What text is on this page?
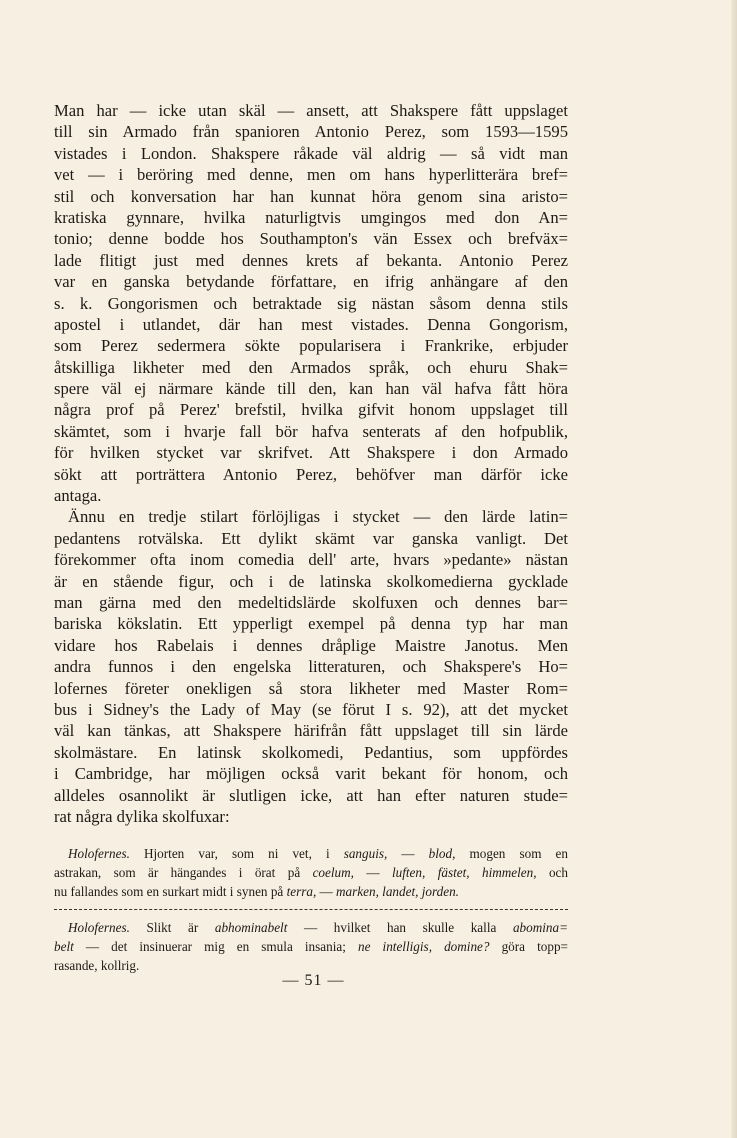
Man har — icke utan skäl — ansett, att Shakspere fått uppslaget
till sin Armado från spanioren Antonio Perez, som 1593—1595
vistades i London. Shakspere råkade väl aldrig — så vidt man
vet — i beröring med denne, men om hans hyperlitterära bref=
stil och konversation har han kunnat höra genom sina aristo=
kratiska gynnare, hvilka naturligtvis umgingos med don An=
tonio; denne bodde hos Southampton's vän Essex och brefväx=
lade flitigt just med dennes krets af bekanta. Antonio Perez
var en ganska betydande författare, en ifrig anhängare af den
s. k. Gongorismen och betraktade sig nästan såsom denna stils
apostel i utlandet, där han mest vistades. Denna Gongorism,
som Perez sedermera sökte popularisera i Frankrike, erbjuder
åtskilliga likheter med den Armados språk, och ehuru Shak=
spere väl ej närmare kände till den, kan han väl hafva fått höra
några prof på Perez' brefstil, hvilka gifvit honom uppslaget till
skämtet, som i hvarje fall bör hafva senterats af den hofpublik,
för hvilken stycket var skrifvet. Att Shakspere i don Armado
sökt att porträttera Antonio Perez, behöfver man därför icke
antaga.
Ännu en tredje stilart förlöjligas i stycket — den lärde latin=
pedantens rotvälska. Ett dylikt skämt var ganska vanligt. Det
förekommer ofta inom comedia dell' arte, hvars »pedante» nästan
är en stående figur, och i de latinska skolkomedierna gycklade
man gärna med den medeltidslärde skolfuxen och dennes bar=
bariska kökslatin. Ett ypperligt exempel på denna typ har man
vidare hos Rabelais i dennes dråplige Maistre Janotus. Men
andra funnos i den engelska litteraturen, och Shakspere's Ho=
lofernes företer onekligen så stora likheter med Master Rom=
bus i Sidney's the Lady of May (se förut I s. 92), att det mycket
väl kan tänkas, att Shakspere härifrån fått uppslaget till sin lärde
skolmästare. En latinsk skolkomedi, Pedantius, som uppfördes
i Cambridge, har möjligen också varit bekant för honom, och
alldeles osannolikt är slutligen icke, att han efter naturen stude=
rat några dylika skolfuxar:
Holofernes. Hjorten var, som ni vet, i sanguis, — blod, mogen som en
astrakan, som är hängandes i örat på coelum, — luften, fästet, himmelen, och
nu fallandes som en surkart midt i synen på terra, — marken, landet, jorden.
Holofernes. Slikt är abhominabelt — hvilket han skulle kalla abomina=
belt — det insinuerar mig en smula insania; ne intelligis, domine? göra topp=
rasande, kollrig.
— 51 —
